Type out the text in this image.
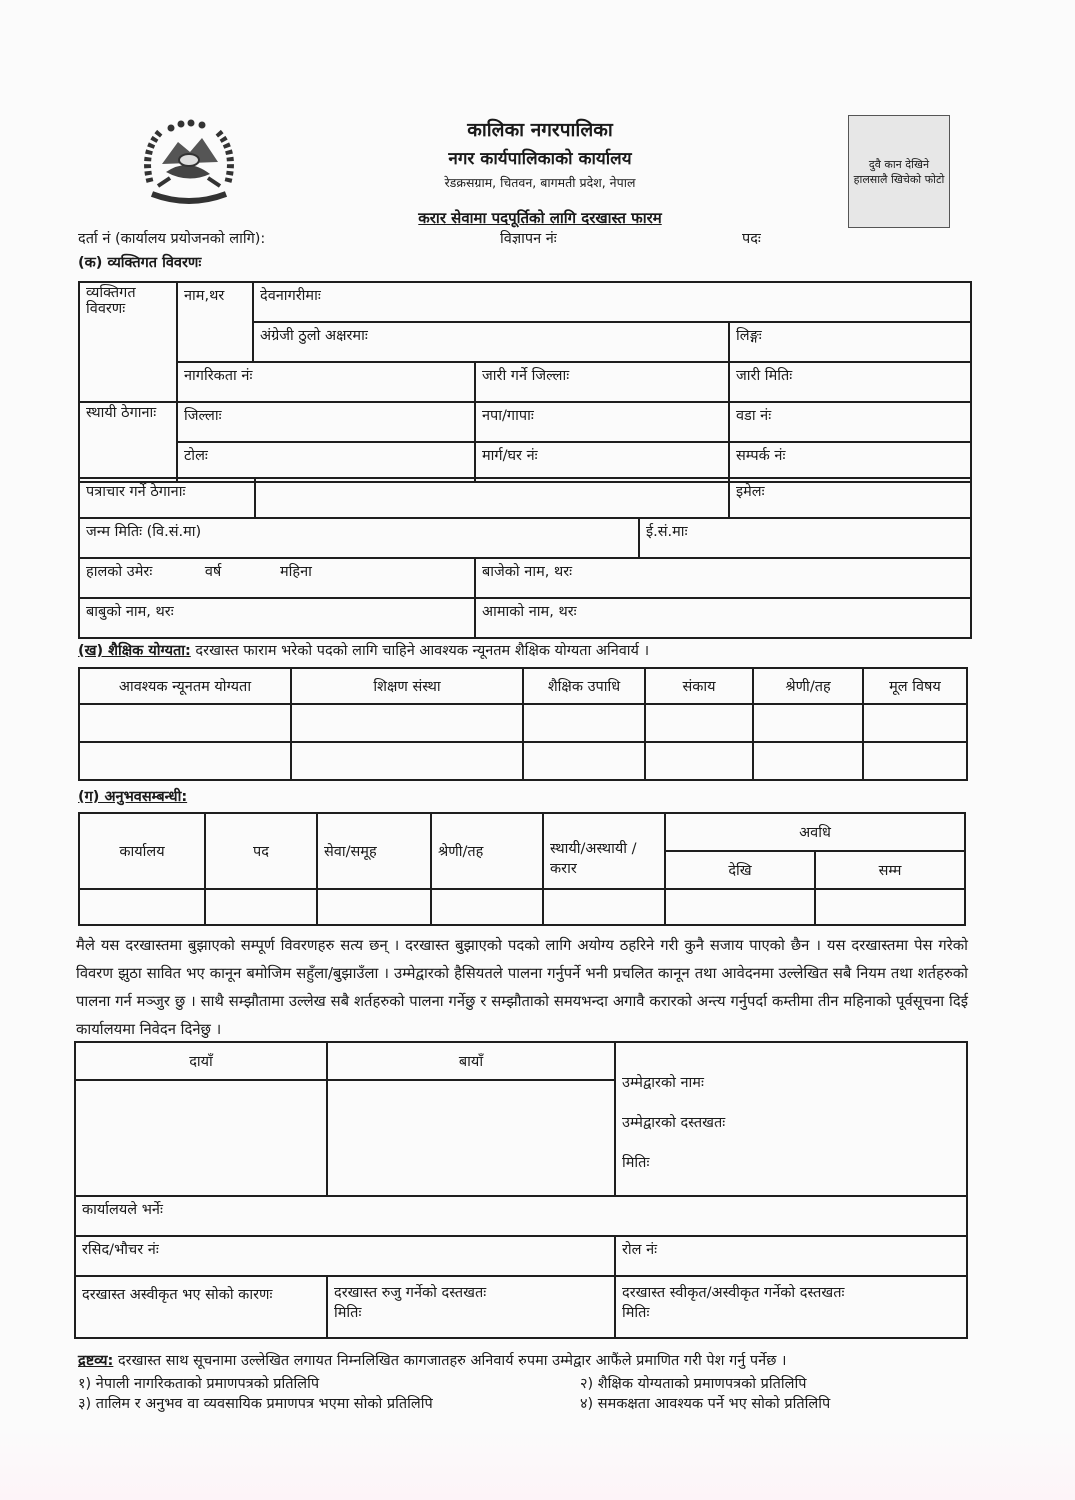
कालिका नगरपालिका
नगर कार्यपालिकाको कार्यालय
रेडक्रसग्राम, चितवन, बागमती प्रदेश, नेपाल
करार सेवामा पदपूर्तिको लागि दरखास्त फारम
दुवै कान देखिने हालसालै खिचेको फोटो
दर्ता नं (कार्यालय प्रयोजनको लागि):	विज्ञापन नंः	पदः
(क) व्यक्तिगत विवरणः
व्यक्तिगत विवरणः	नाम,थर	देवनागरीमाः		
		अंग्रेजी ठुलो अक्षरमाः		लिङ्गः
	नागरिकता नंः		जारी गर्ने जिल्लाः	जारी मितिः
स्थायी ठेगानाः	जिल्लाः		नपा/गापाः	वडा नंः
	टोलः		मार्ग/घर नंः	सम्पर्क नंः
पत्राचार गर्ने ठेगानाः		इमेलः
जन्म मितिः (वि.सं.मा)	ई.सं.माः
हालको उमेरः वर्ष महिना	बाजेको नाम, थरः
बाबुको नाम, थरः	आमाको नाम, थरः
(ख) शैक्षिक योग्यता: दरखास्त फाराम भरेको पदको लागि चाहिने आवश्यक न्यूनतम शैक्षिक योग्यता अनिवार्य ।
आवश्यक न्यूनतम योग्यता	शिक्षण संस्था	शैक्षिक उपाधि	संकाय	श्रेणी/तह	मूल विषय

(ग) अनुभवसम्बन्धी:
कार्यालय	पद	सेवा/समूह	श्रेणी/तह	स्थायी/अस्थायी /करार	अवधि	
					देखि	सम्म

मैले यस दरखास्तमा बुझाएको सम्पूर्ण विवरणहरु सत्य छन् । दरखास्त बुझाएको पदको लागि अयोग्य ठहरिने गरी कुनै सजाय पाएको छैन । यस दरखास्तमा पेस गरेको विवरण झुठा सावित भए कानून बमोजिम सहुँला/बुझाउँला । उम्मेद्वारको हैसियतले पालना गर्नुपर्ने भनी प्रचलित कानून तथा आवेदनमा उल्लेखित सबै नियम तथा शर्तहरुको पालना गर्न मञ्जुर छु । साथै सम्झौतामा उल्लेख सबै शर्तहरुको पालना गर्नेछु र सम्झौताको समयभन्दा अगावै करारको अन्त्य गर्नुपर्दा कम्तीमा तीन महिनाको पूर्वसूचना दिई कार्यालयमा निवेदन दिनेछु ।
दायाँ	बायाँ	उम्मेद्वारको नामः
उम्मेद्वारको दस्तखतः
मितिः

कार्यालयले भर्नेः		
रसिद/भौचर नंः		रोल नंः
दरखास्त अस्वीकृत भए सोको कारणः	दरखास्त रुजु गर्नेको दस्तखतः
मितिः

दरखास्त स्वीकृत/अस्वीकृत गर्नेको दस्तखतः
मितिः
द्रष्टव्य: दरखास्त साथ सूचनामा उल्लेखित लगायत निम्नलिखित कागजातहरु अनिवार्य रुपमा उम्मेद्वार आफैंले प्रमाणित गरी पेश गर्नु पर्नेछ ।
१) नेपाली नागरिकताको प्रमाणपत्रको प्रतिलिपि	२) शैक्षिक योग्यताको प्रमाणपत्रको प्रतिलिपि
३) तालिम र अनुभव वा व्यवसायिक प्रमाणपत्र भएमा सोको प्रतिलिपि	४) समकक्षता आवश्यक पर्ने भए सोको प्रतिलिपि
